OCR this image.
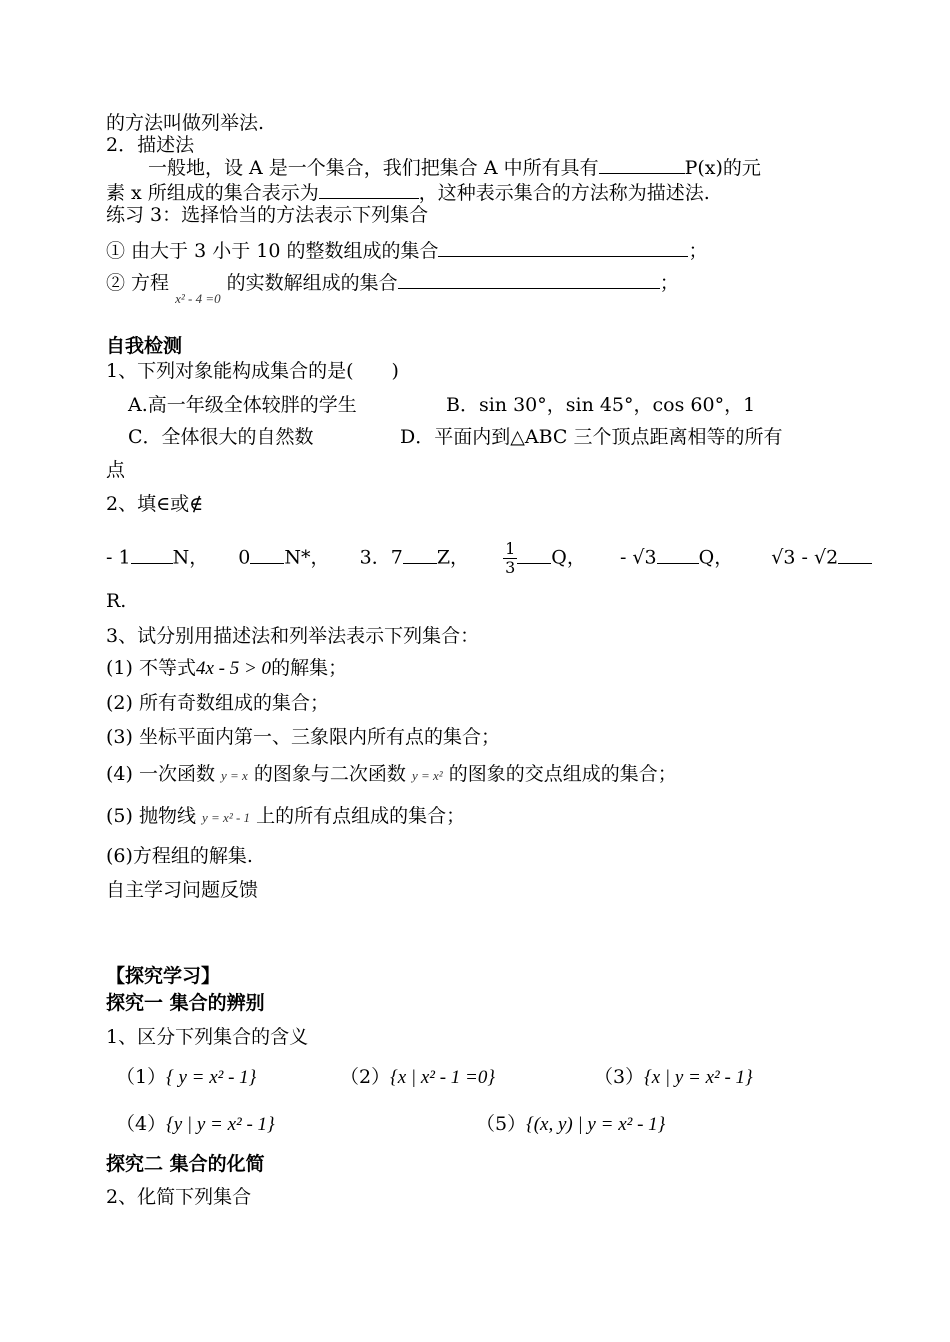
的方法叫做列举法.
2．描述法
一般地，设 A 是一个集合，我们把集合 A 中所有具有	P(x)的元
素 x 所组成的集合表示为	，这种表示集合的方法称为描述法.
练习 3：选择恰当的方法表示下列集合
① 由大于 3 小于 10 的整数组成的集合	；
② 方程 $_{x^2 - 4 =0}$ 的实数解组成的集合	；
自我检测
1、下列对象能构成集合的是(　　)
A.高一年级全体较胖的学生	B．sin 30°，sin 45°，cos 60°，1
C．全体很大的自然数	D．平面内到△ABC 三个顶点距离相等的所有
点
2、填∈或∉
- 1 N， 0 N*， 3．7 Z， $\frac{1}{3}$ Q， - √3 Q， √3 - √2
R.
3、试分别用描述法和列举法表示下列集合：
(1) 不等式4x - 5 > 0的解集；
(2) 所有奇数组成的集合；
(3) 坐标平面内第一、三象限内所有点的集合；
(4) 一次函数 y = x 的图象与二次函数 y = x² 的图象的交点组成的集合；
(5) 抛物线 y = x² - 1 上的所有点组成的集合；
(6)方程组的解集.
自主学习问题反馈
【探究学习】
探究一 集合的辨别
1、区分下列集合的含义
（1）{ y = x² - 1}	（2）{x | x² - 1 =0}	（3）{x | y = x² - 1}
（4）{y | y = x² - 1}	（5）{(x, y) | y = x² - 1}
探究二 集合的化简
2、化简下列集合
